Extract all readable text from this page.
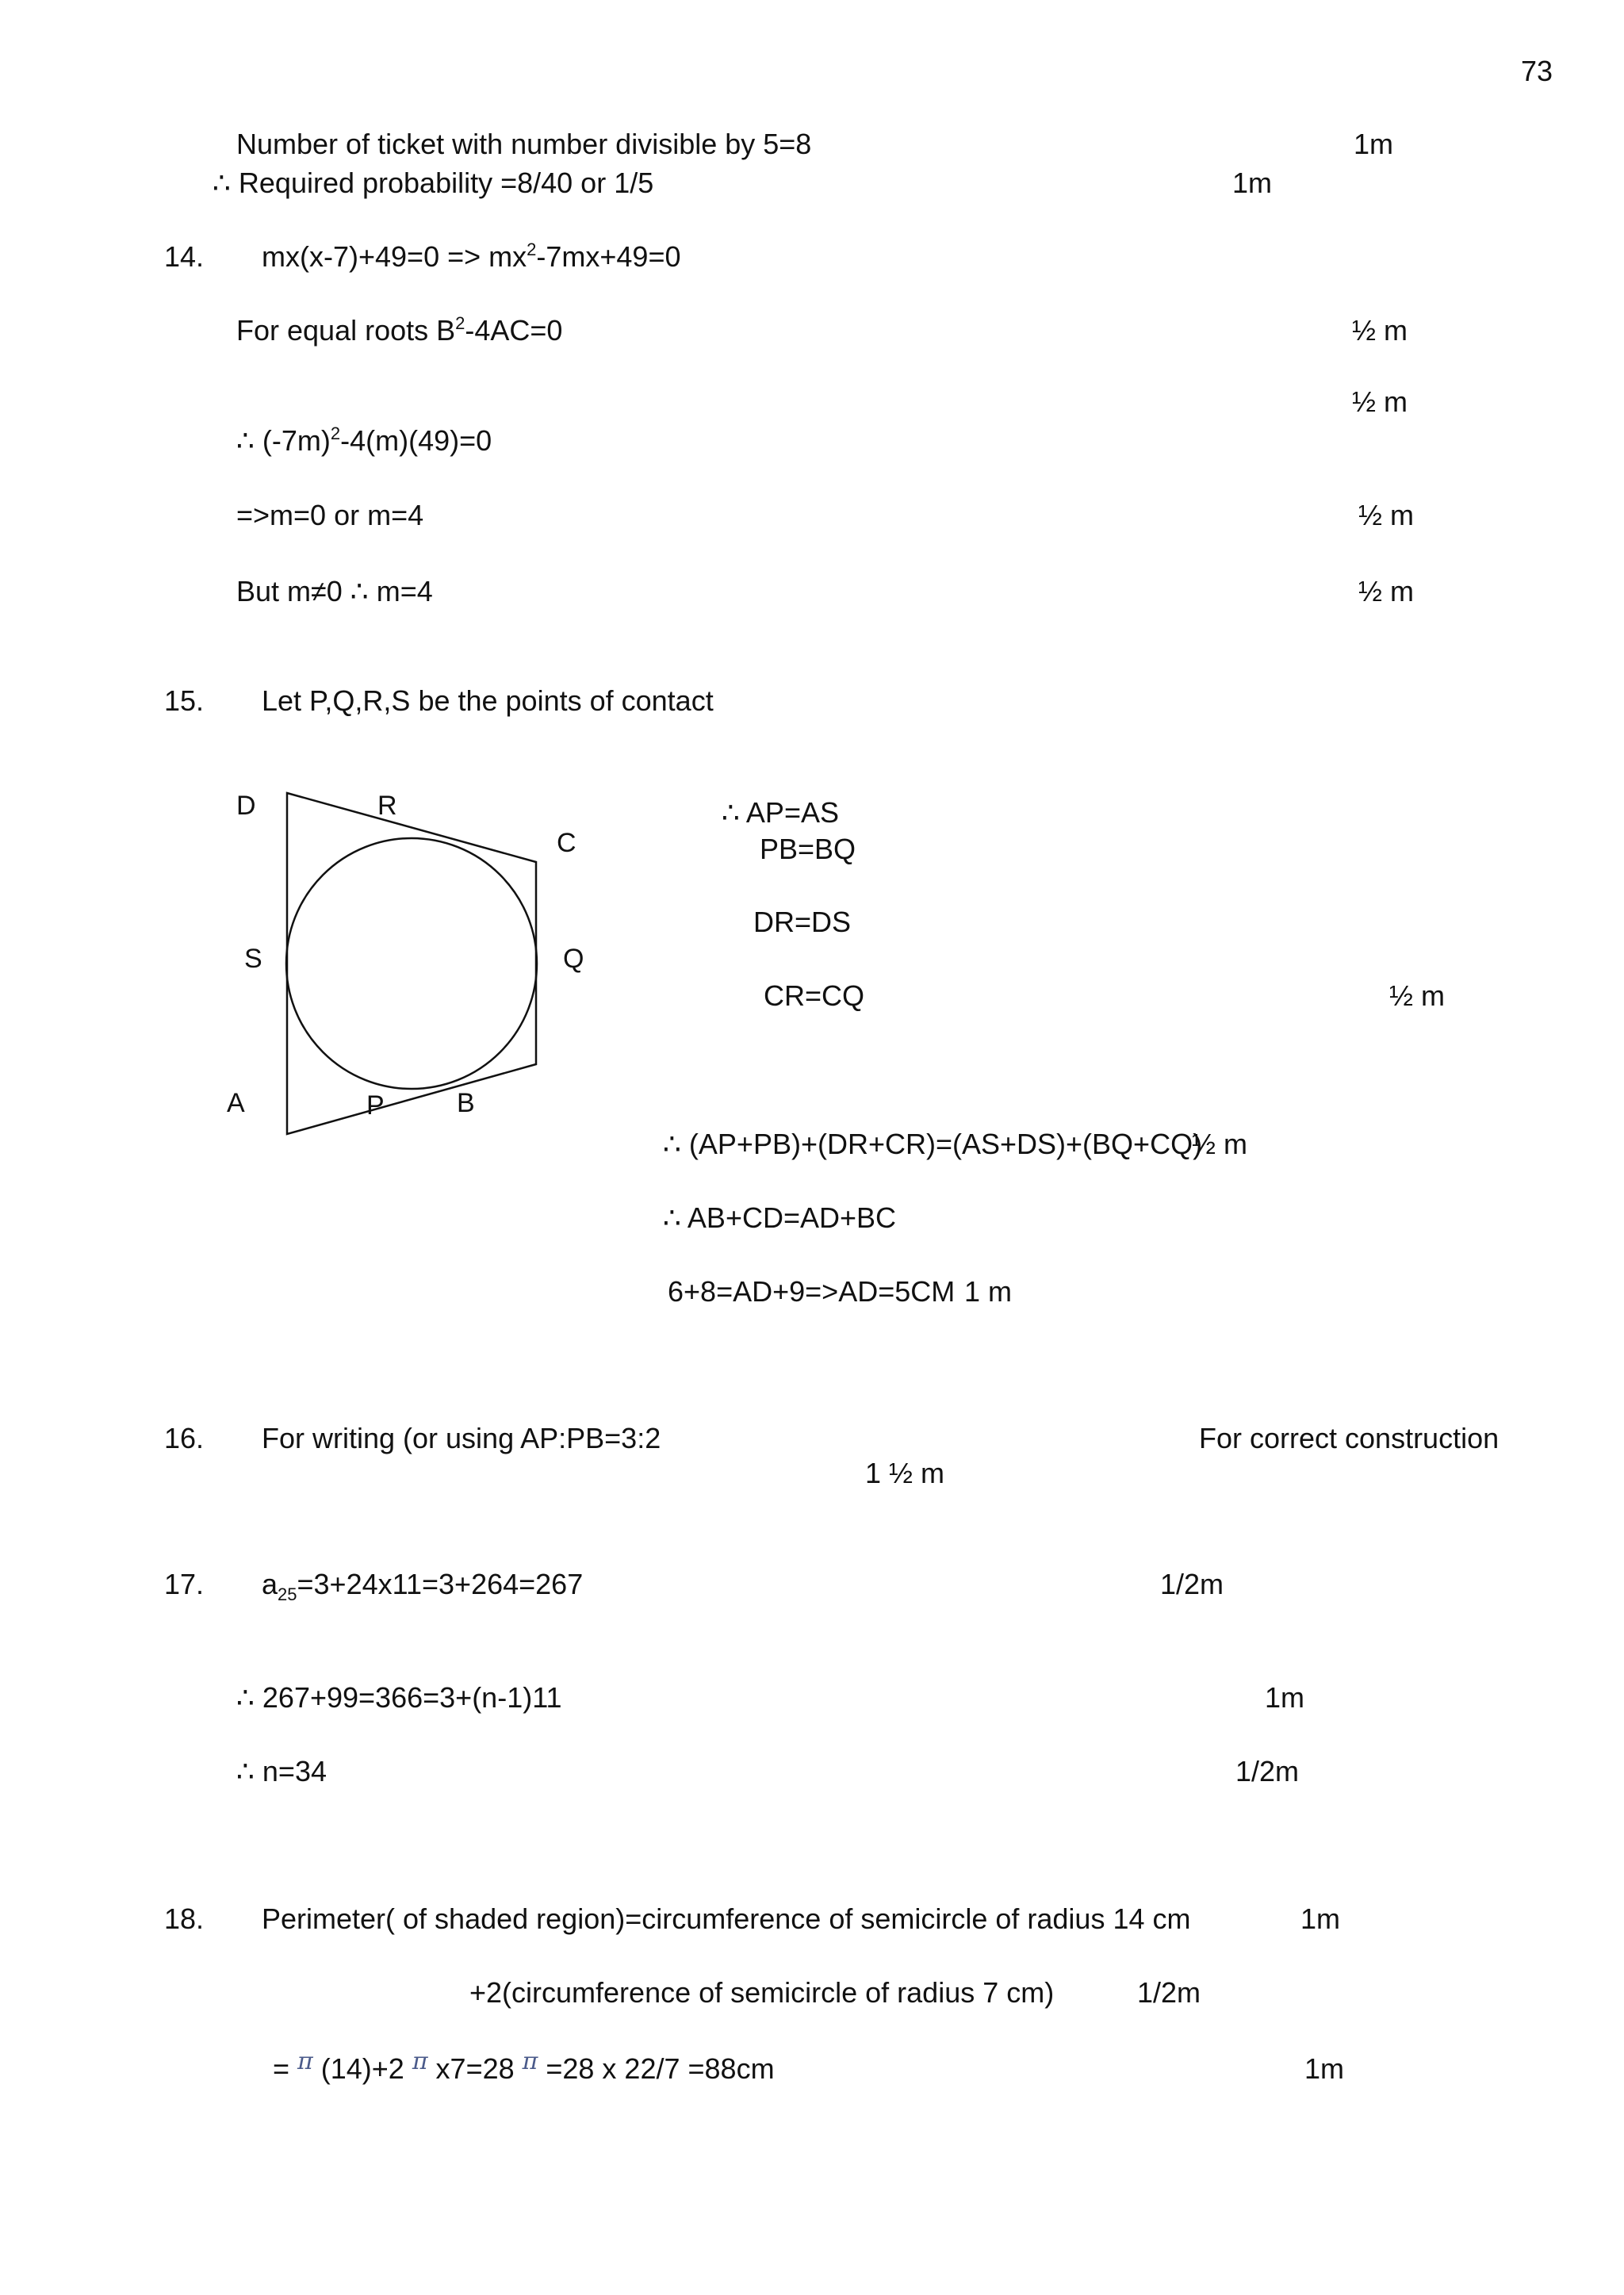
73
Number of ticket with number divisible by 5=8	1m
∴ Required probability =8/40 or 1/5	1m
14. $mx(x-7)+49=0 => mx^2-7mx+49=0$
For equal roots $B^2-4AC=0$	½ m
½ m
∴ $(-7m)^2-4(m)(49)=0$
=>m=0 or m=4	½ m
But m≠0 ∴ m=4	½ m
15. Let P,Q,R,S be the points of contact
D	R
C
S	Q
A	P	B
∴ AP=AS
PB=BQ
DR=DS
CR=CQ	½ m
∴ (AP+PB)+(DR+CR)=(AS+DS)+(BQ+CQ)
½ m
∴ AB+CD=AD+BC
6+8=AD+9=>AD=5CM 1 m
16. For writing (or using AP:PB=3:2	For correct construction
1 ½ m
17. $a_{25}=3+24x11=3+264=267$	1/2m
∴ 267+99=366=3+(n-1)11	1m
∴ n=34	1/2m
18. Perimeter( of shaded region)=circumference of semicircle of radius 14 cm	1m
+2(circumference of semicircle of radius 7 cm)	1/2m
= $^\pi$ (14)+2 $^\pi$ x7=28 $^\pi$ =28 x 22/7 =88cm	1m
